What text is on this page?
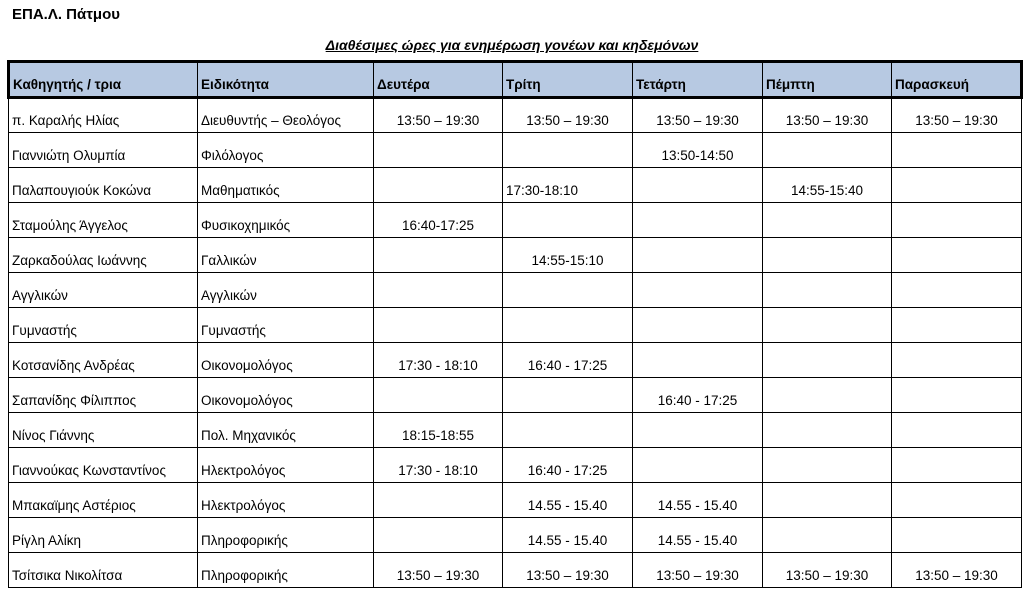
ΕΠΑ.Λ. Πάτμου
Διαθέσιμες ώρες για ενημέρωση γονέων και κηδεμόνων
Καθηγητής / τρια	Ειδικότητα	Δευτέρα	Τρίτη	Τετάρτη	Πέμπτη	Παρασκευή
π. Καραλής Ηλίας	Διευθυντής – Θεολόγος	13:50 – 19:30	13:50 – 19:30	13:50 – 19:30	13:50 – 19:30	13:50 – 19:30
Γιαννιώτη Ολυμπία	Φιλόλογος			13:50-14:50		
Παλαπουγιούκ Κοκώνα	Μαθηματικός		17:30-18:10		14:55-15:40	
Σταμούλης Άγγελος	Φυσικοχημικός	16:40-17:25				
Ζαρκαδούλας Ιωάννης	Γαλλικών		14:55-15:10			
Αγγλικών	Αγγλικών					
Γυμναστής	Γυμναστής					
Κοτσανίδης Ανδρέας	Οικονομολόγος	17:30 - 18:10	16:40 - 17:25			
Σαπανίδης Φίλιππος	Οικονομολόγος			16:40 - 17:25		
Νίνος Γιάννης	Πολ. Μηχανικός	18:15-18:55				
Γιαννούκας Κωνσταντίνος	Ηλεκτρολόγος	17:30 - 18:10	16:40 - 17:25			
Μπακαϊμης Αστέριος	Ηλεκτρολόγος		14.55 - 15.40	14.55 - 15.40		
Ρίγλη Αλίκη	Πληροφορικής		14.55 - 15.40	14.55 - 15.40		
Τσίτσικα Νικολίτσα	Πληροφορικής	13:50 – 19:30	13:50 – 19:30	13:50 – 19:30	13:50 – 19:30	13:50 – 19:30
